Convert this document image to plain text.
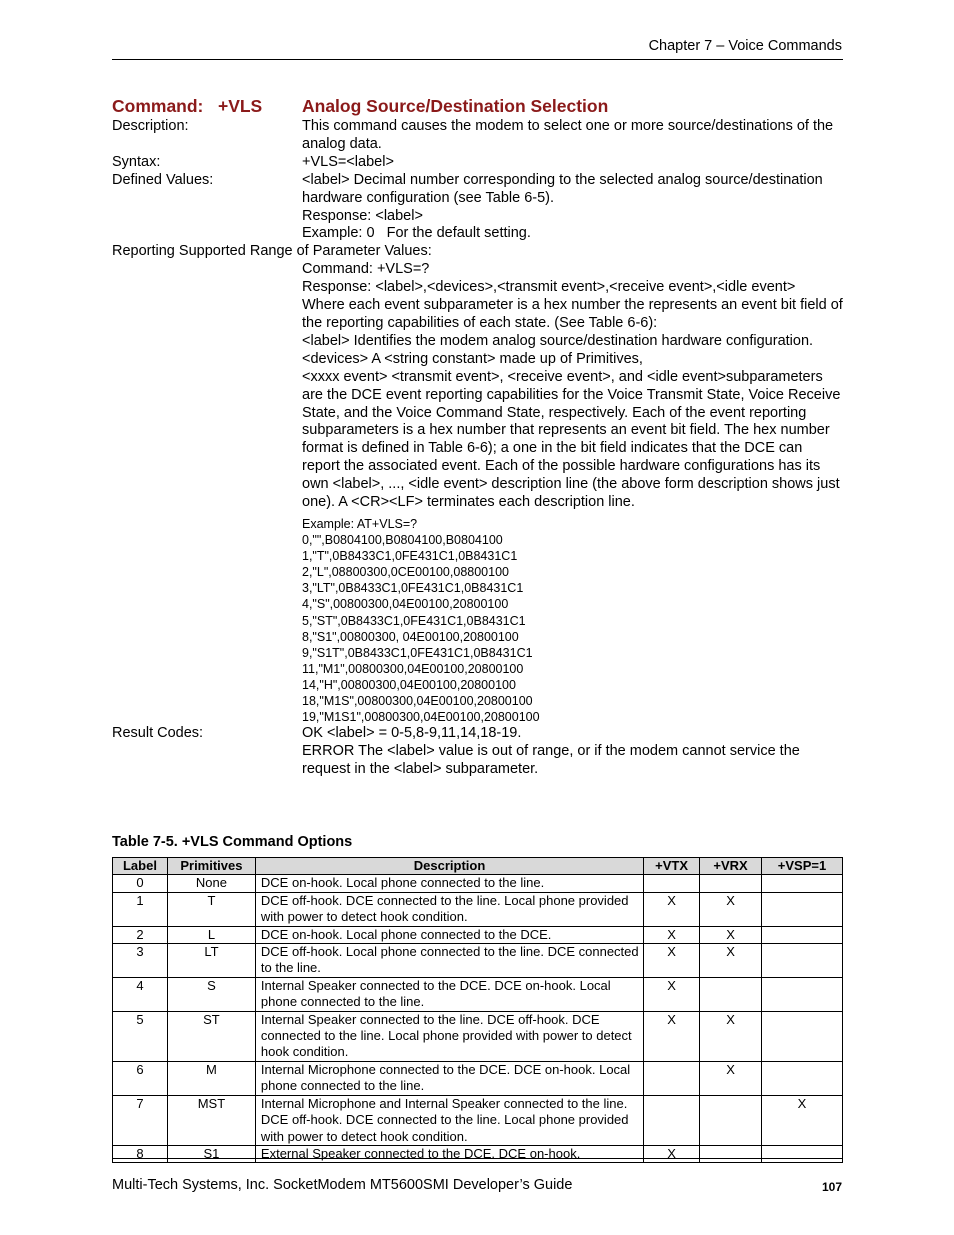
Chapter 7 – Voice Commands
Command:   +VLS Analog Source/Destination Selection
Description:	This command causes the modem to select one or more source/destinations of the analog data.
Syntax:	+VLS=<label>
Defined Values:	<label> Decimal number corresponding to the selected analog source/destination hardware configuration (see Table 6-5).
Response: <label>
Example: 0   For the default setting.
Reporting Supported Range of Parameter Values:
Command: +VLS=?
Response: <label>,<devices>,<transmit event>,<receive event>,<idle event>
Where each event subparameter is a hex number the represents an event bit field of the reporting capabilities of each state. (See Table 6-6):
<label> Identifies the modem analog source/destination hardware configuration.
<devices> A <string constant> made up of Primitives,
<xxxx event> <transmit event>, <receive event>, and <idle event>subparameters are the DCE event reporting capabilities for the Voice Transmit State, Voice Receive State, and the Voice Command State, respectively. Each of the event reporting subparameters is a hex number that represents an event bit field. The hex number format is defined in Table 6-6); a one in the bit field indicates that the DCE can report the associated event. Each of the possible hardware configurations has its own <label>, ..., <idle event> description line (the above form description shows just one). A <CR><LF> terminates each description line.
Example: AT+VLS=?
0,"",B0804100,B0804100,B0804100
1,"T",0B8433C1,0FE431C1,0B8431C1
2,"L",08800300,0CE00100,08800100
3,"LT",0B8433C1,0FE431C1,0B8431C1
4,"S",00800300,04E00100,20800100
5,"ST",0B8433C1,0FE431C1,0B8431C1
8,"S1",00800300, 04E00100,20800100
9,"S1T",0B8433C1,0FE431C1,0B8431C1
11,"M1",00800300,04E00100,20800100
14,"H",00800300,04E00100,20800100
18,"M1S",00800300,04E00100,20800100
19,"M1S1",00800300,04E00100,20800100
Result Codes:	OK <label> = 0-5,8-9,11,14,18-19.
ERROR The <label> value is out of range, or if the modem cannot service the request in the <label> subparameter.
Table 7-5. +VLS Command Options
Label	Primitives	Description	+VTX	+VRX	+VSP=1
0	None	DCE on-hook. Local phone connected to the line.			
1	T	DCE off-hook. DCE connected to the line. Local phone provided with power to detect hook condition.	X	X	
2	L	DCE on-hook. Local phone connected to the DCE.	X	X	
3	LT	DCE off-hook. Local phone connected to the line. DCE connected to the line.	X	X	
4	S	Internal Speaker connected to the DCE. DCE on-hook. Local phone connected to the line.	X		
5	ST	Internal Speaker connected to the line. DCE off-hook. DCE connected to the line. Local phone provided with power to detect hook condition.	X	X	
6	M	Internal Microphone connected to the DCE. DCE on-hook. Local phone connected to the line.		X	
7	MST	Internal Microphone and Internal Speaker connected to the line. DCE off-hook. DCE connected to the line. Local phone provided with power to detect hook condition.			X
8	S1	External Speaker connected to the DCE. DCE on-hook.	X		
Multi-Tech Systems, Inc. SocketModem MT5600SMI Developer’s Guide	107
